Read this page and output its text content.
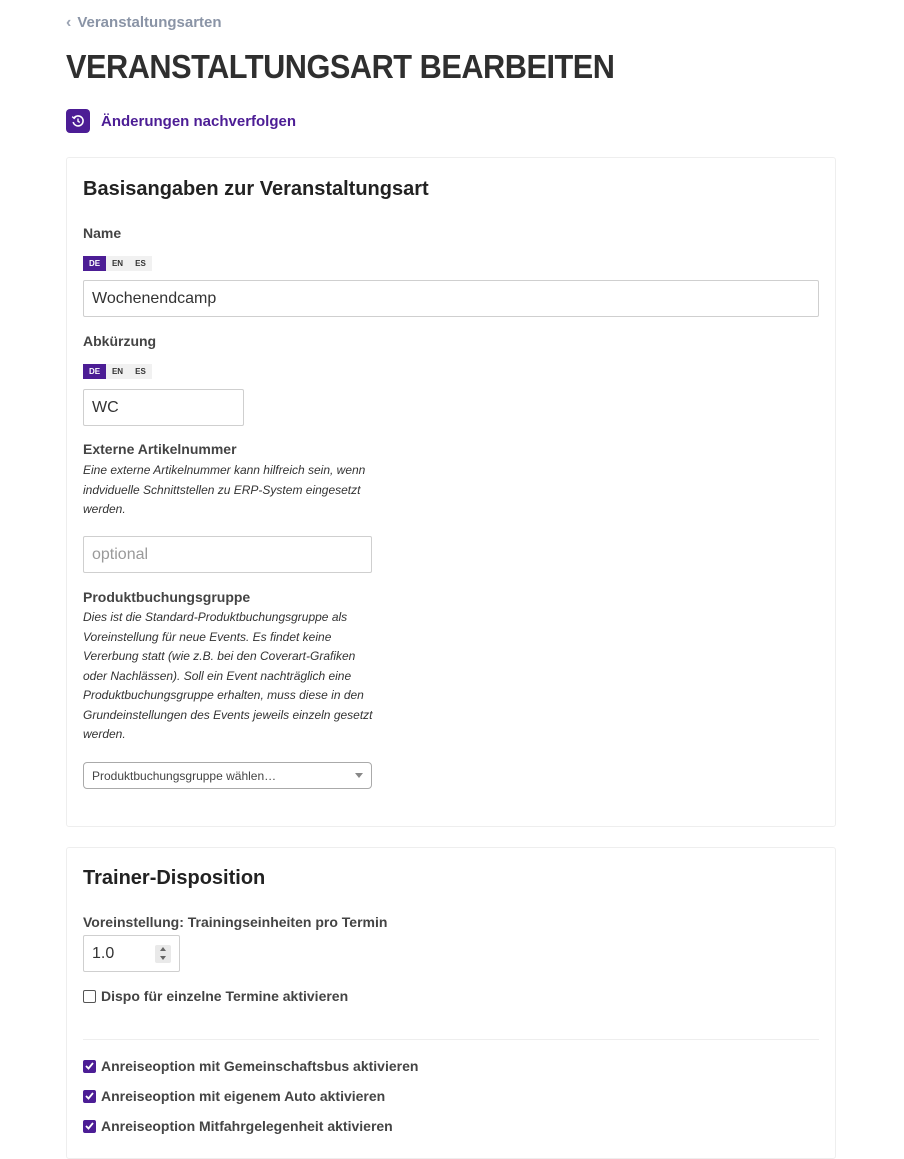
‹ Veranstaltungsarten
VERANSTALTUNGSART BEARBEITEN
Änderungen nachverfolgen
Basisangaben zur Veranstaltungsart
Name
DE	EN	ES
Wochenendcamp
Abkürzung
DE	EN	ES
WC
Externe Artikelnummer
Eine externe Artikelnummer kann hilfreich sein, wenn indviduelle Schnittstellen zu ERP-System eingesetzt werden.
optional
Produktbuchungsgruppe
Dies ist die Standard-Produktbuchungsgruppe als Voreinstellung für neue Events. Es findet keine Vererbung statt (wie z.B. bei den Coverart-Grafiken oder Nachlässen). Soll ein Event nachträglich eine Produktbuchungsgruppe erhalten, muss diese in den Grundeinstellungen des Events jeweils einzeln gesetzt werden.
Produktbuchungsgruppe wählen…
Trainer-Disposition
Voreinstellung: Trainingseinheiten pro Termin
1.0
Dispo für einzelne Termine aktivieren
Anreiseoption mit Gemeinschaftsbus aktivieren
Anreiseoption mit eigenem Auto aktivieren
Anreiseoption Mitfahrgelegenheit aktivieren
